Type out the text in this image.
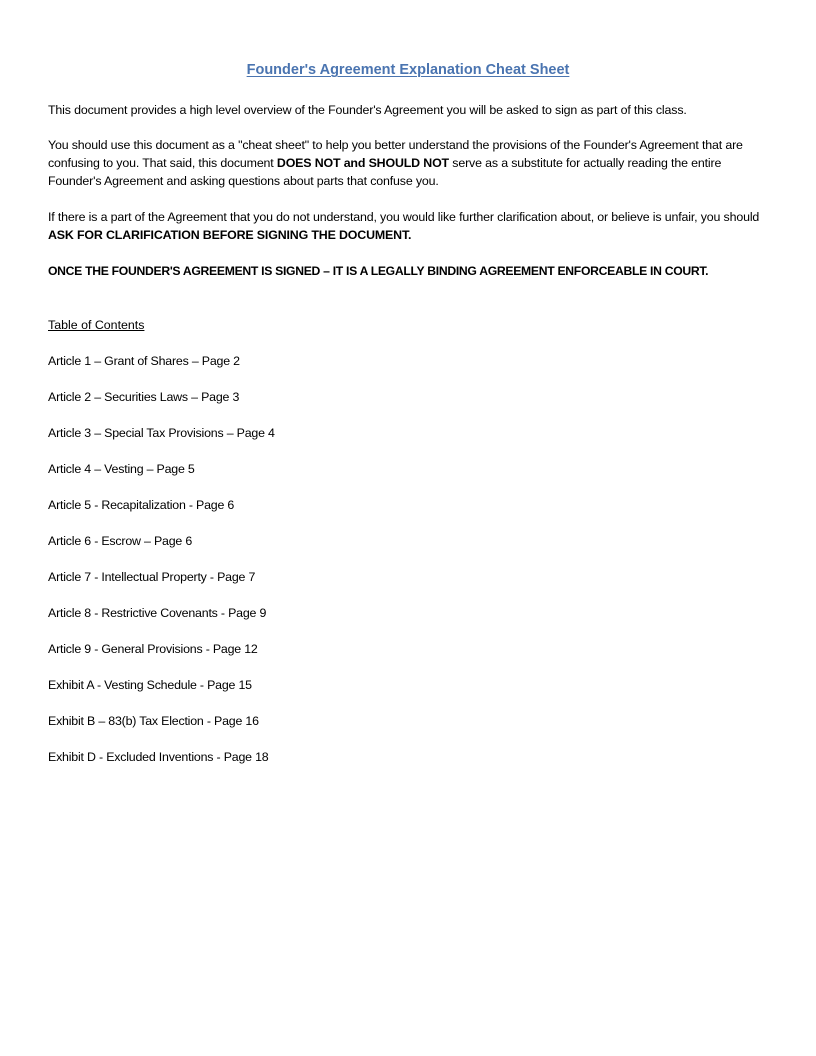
Founder's Agreement Explanation Cheat Sheet

This document provides a high level overview of the Founder's Agreement you will be asked to sign as part of this class.

You should use this document as a "cheat sheet" to help you better understand the provisions of the Founder's Agreement that are confusing to you. That said, this document DOES NOT and SHOULD NOT serve as a substitute for actually reading the entire Founder's Agreement and asking questions about parts that confuse you.

If there is a part of the Agreement that you do not understand, you would like further clarification about, or believe is unfair, you should ASK FOR CLARIFICATION BEFORE SIGNING THE DOCUMENT.

ONCE THE FOUNDER'S AGREEMENT IS SIGNED – IT IS A LEGALLY BINDING AGREEMENT ENFORCEABLE IN COURT.

Table of Contents

Article 1 – Grant of Shares – Page 2
Article 2 – Securities Laws – Page 3
Article 3 – Special Tax Provisions – Page 4
Article 4 – Vesting – Page 5
Article 5 - Recapitalization - Page 6
Article 6 - Escrow – Page 6
Article 7 - Intellectual Property - Page 7
Article 8 - Restrictive Covenants - Page 9
Article 9 - General Provisions - Page 12
Exhibit A - Vesting Schedule - Page 15
Exhibit B – 83(b) Tax Election - Page 16
Exhibit D - Excluded Inventions - Page 18
